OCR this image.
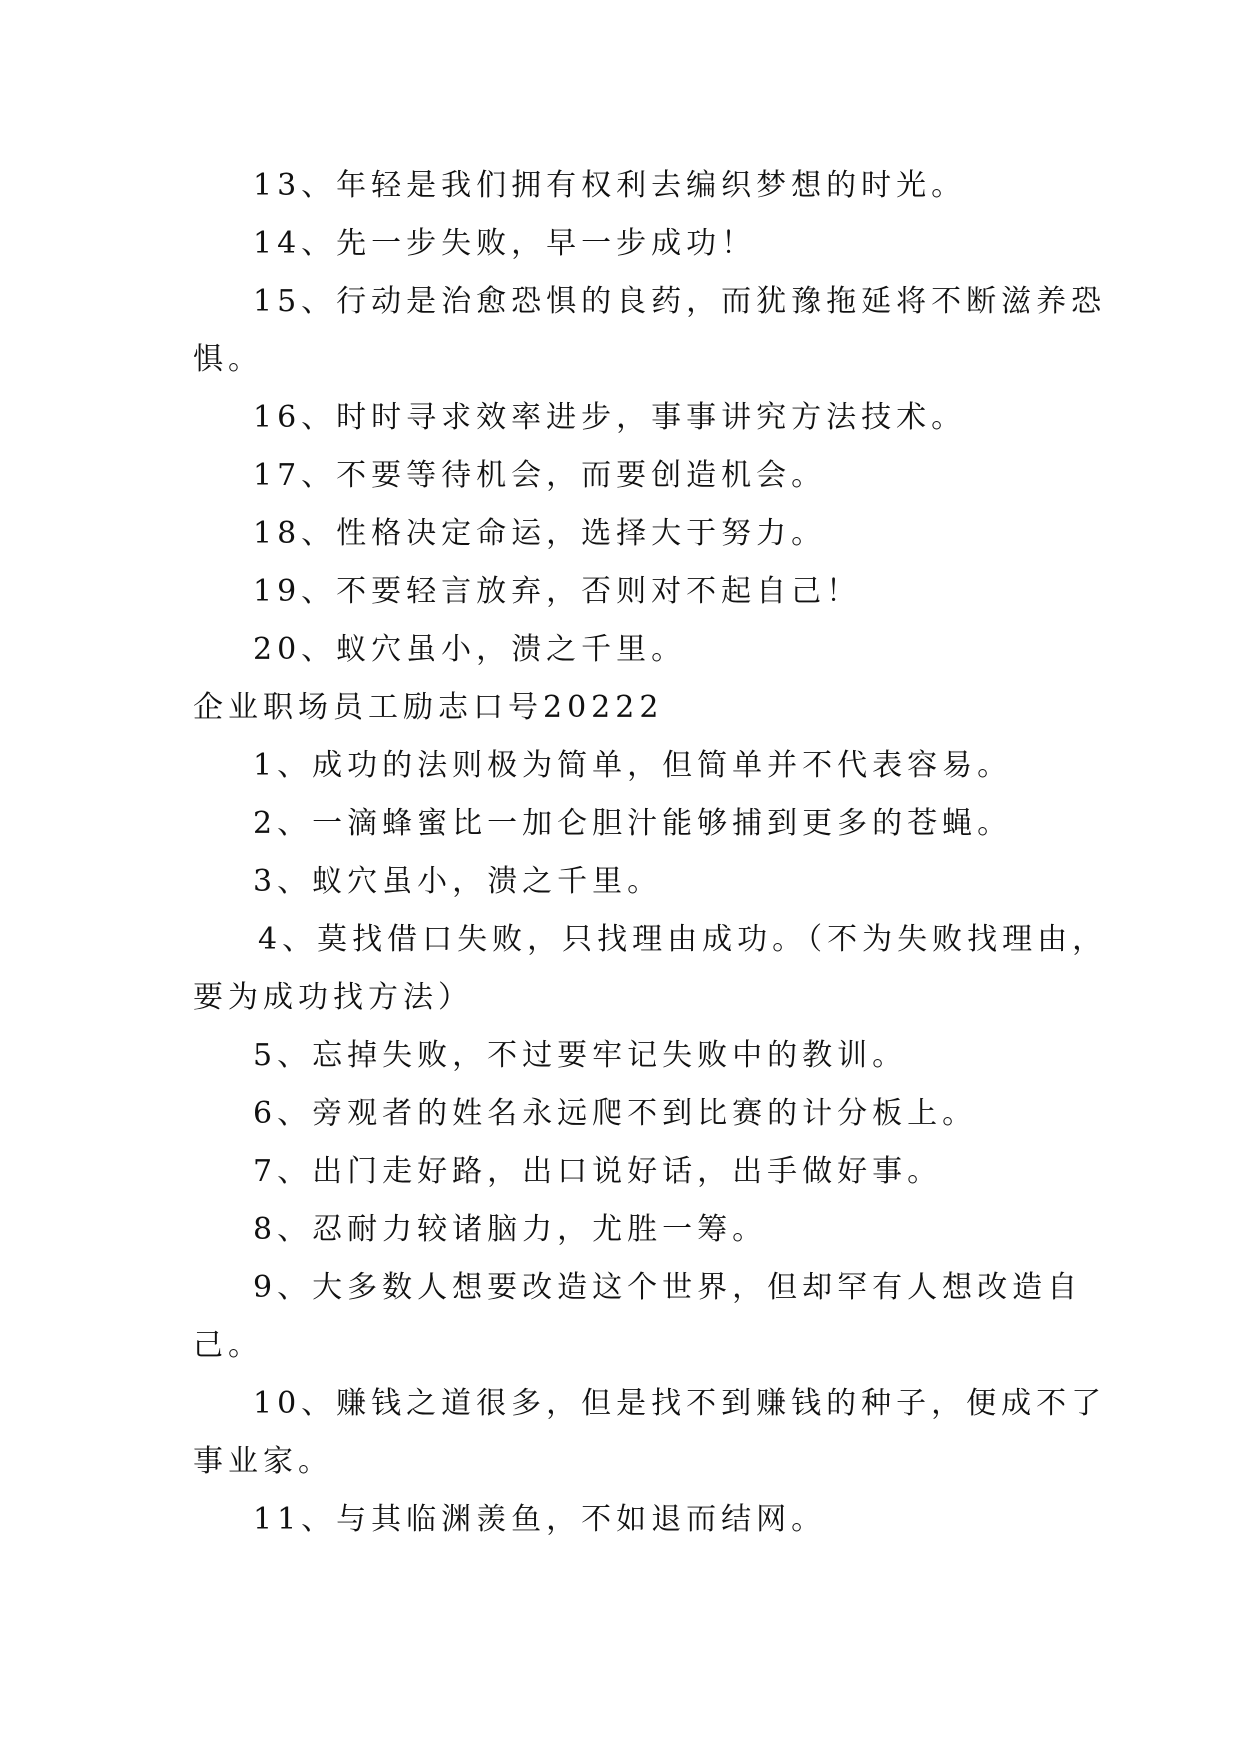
13、年轻是我们拥有权利去编织梦想的时光。
14、先一步失败，早一步成功！
15、行动是治愈恐惧的良药，而犹豫拖延将不断滋养恐
惧。
16、时时寻求效率进步，事事讲究方法技术。
17、不要等待机会，而要创造机会。
18、性格决定命运，选择大于努力。
19、不要轻言放弃，否则对不起自己！
20、蚁穴虽小，溃之千里。
企业职场员工励志口号20222
1、成功的法则极为简单，但简单并不代表容易。
2、一滴蜂蜜比一加仑胆汁能够捕到更多的苍蝇。
3、蚁穴虽小，溃之千里。
4、莫找借口失败，只找理由成功。（不为失败找理由，
要为成功找方法）
5、忘掉失败，不过要牢记失败中的教训。
6、旁观者的姓名永远爬不到比赛的计分板上。
7、出门走好路，出口说好话，出手做好事。
8、忍耐力较诸脑力，尤胜一筹。
9、大多数人想要改造这个世界，但却罕有人想改造自
己。
10、赚钱之道很多，但是找不到赚钱的种子，便成不了
事业家。
11、与其临渊羡鱼，不如退而结网。
